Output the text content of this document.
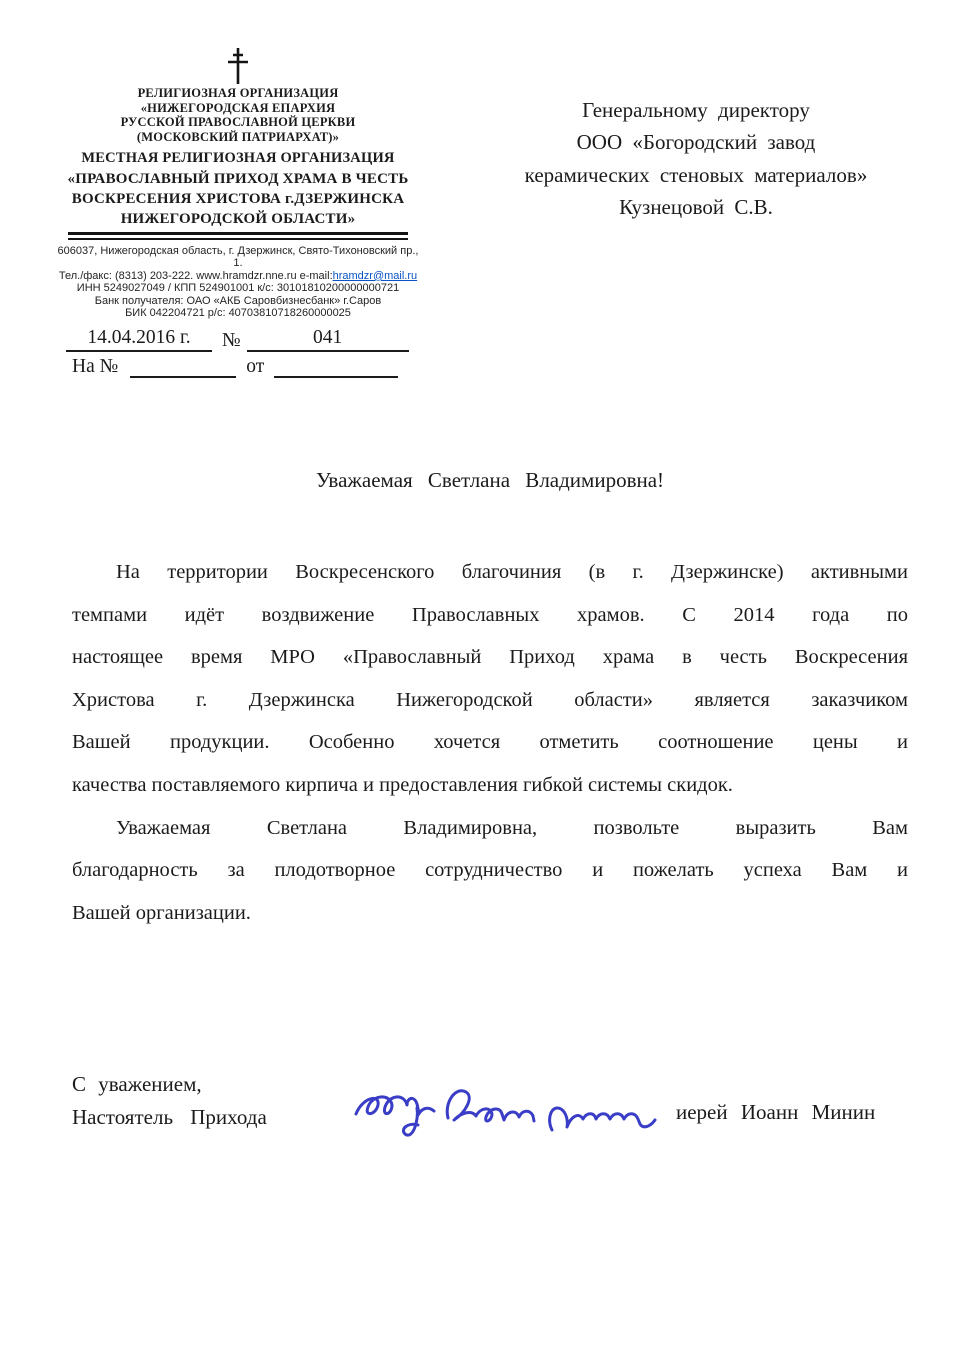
РЕЛИГИОЗНАЯ ОРГАНИЗАЦИЯ
«НИЖЕГОРОДСКАЯ ЕПАРХИЯ
РУССКОЙ ПРАВОСЛАВНОЙ ЦЕРКВИ
(МОСКОВСКИЙ ПАТРИАРХАТ)»
МЕСТНАЯ РЕЛИГИОЗНАЯ ОРГАНИЗАЦИЯ
«ПРАВОСЛАВНЫЙ ПРИХОД ХРАМА В ЧЕСТЬ
ВОСКРЕСЕНИЯ ХРИСТОВА г.ДЗЕРЖИНСКА
НИЖЕГОРОДСКОЙ ОБЛАСТИ»
606037, Нижегородская область, г. Дзержинск, Свято-Тихоновский пр., 1.
Тел./факс: (8313) 203-222. www.hramdzr.nne.ru e-mail:hramdzr@mail.ru
ИНН 5249027049 / КПП 524901001 к/с: 30101810200000000721
Банк получателя: ОАО «АКБ Саровбизнесбанк» г.Саров
БИК 042204721 р/с: 40703810718260000025
14.04.2016 г.	№	041
На №	от
Генеральному директору
ООО «Богородский завод
керамических стеновых материалов»
Кузнецовой С.В.
Уважаемая Светлана Владимировна!
На территории Воскресенского благочиния (в г. Дзержинске) активными
темпами идёт воздвижение Православных храмов. С 2014 года по
настоящее время МРО «Православный Приход храма в честь Воскресения
Христова г. Дзержинска Нижегородской области» является заказчиком
Вашей продукции. Особенно хочется отметить соотношение цены и
качества поставляемого кирпича и предоставления гибкой системы скидок.
Уважаемая Светлана Владимировна, позвольте выразить Вам
благодарность за плодотворное сотрудничество и пожелать успеха Вам и
Вашей организации.
С уважением,
Настоятель Прихода	иерей Иоанн Минин
